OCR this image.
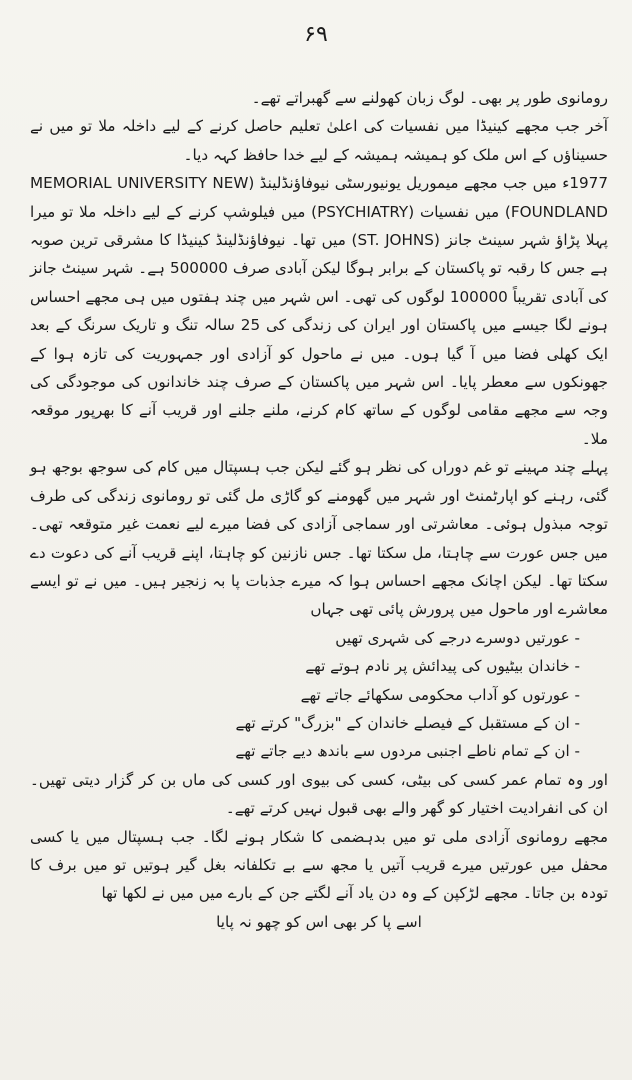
۶۹

رومانوی طور پر بھی۔ لوگ زبان کھولنے سے گھبراتے تھے۔

آخر جب مجھے کینیڈا میں نفسیات کی اعلیٰ تعلیم حاصل کرنے کے لیے داخلہ ملا تو میں نے حسیناؤں کے اس ملک کو ہمیشہ ہمیشہ کے لیے خدا حافظ کہہ دیا۔

1977ء میں جب مجھے میموریل یونیورسٹی نیوفاؤنڈلینڈ (MEMORIAL UNIVERSITY NEW FOUNDLAND) میں نفسیات (PSYCHIATRY) میں فیلوشپ کرنے کے لیے داخلہ ملا تو میرا پہلا پڑاؤ شہر سینٹ جانز (ST. JOHNS) میں تھا۔ نیوفاؤنڈلینڈ کینیڈا کا مشرقی ترین صوبہ ہے جس کا رقبہ تو پاکستان کے برابر ہوگا لیکن آبادی صرف 500000 ہے۔ شہر سینٹ جانز کی آبادی تقریباً 100000 لوگوں کی تھی۔ اس شہر میں چند ہفتوں میں ہی مجھے احساس ہونے لگا جیسے میں پاکستان اور ایران کی زندگی کی 25 سالہ تنگ و تاریک سرنگ کے بعد ایک کھلی فضا میں آ گیا ہوں۔ میں نے ماحول کو آزادی اور جمہوریت کی تازہ ہوا کے جھونکوں سے معطر پایا۔ اس شہر میں پاکستان کے صرف چند خاندانوں کی موجودگی کی وجہ سے مجھے مقامی لوگوں کے ساتھ کام کرنے، ملنے جلنے اور قریب آنے کا بھرپور موقعہ ملا۔

پہلے چند مہینے تو غم دوراں کی نظر ہو گئے لیکن جب ہسپتال میں کام کی سوجھ بوجھ ہو گئی، رہنے کو اپارٹمنٹ اور شہر میں گھومنے کو گاڑی مل گئی تو رومانوی زندگی کی طرف توجہ مبذول ہوئی۔ معاشرتی اور سماجی آزادی کی فضا میرے لیے نعمت غیر متوقعہ تھی۔ میں جس عورت سے چاہتا، مل سکتا تھا۔ جس نازنین کو چاہتا، اپنے قریب آنے کی دعوت دے سکتا تھا۔ لیکن اچانک مجھے احساس ہوا کہ میرے جذبات پا بہ زنجیر ہیں۔ میں نے تو ایسے معاشرے اور ماحول میں پرورش پائی تھی جہاں

- عورتیں دوسرے درجے کی شہری تھیں
- خاندان بیٹیوں کی پیدائش پر نادم ہوتے تھے
- عورتوں کو آداب محکومی سکھائے جاتے تھے
- ان کے مستقبل کے فیصلے خاندان کے "بزرگ" کرتے تھے
- ان کے تمام ناطے اجنبی مردوں سے باندھ دیے جاتے تھے

اور وہ تمام عمر کسی کی بیٹی، کسی کی بیوی اور کسی کی ماں بن کر گزار دیتی تھیں۔ ان کی انفرادیت اختیار کو گھر والے بھی قبول نہیں کرتے تھے۔

مجھے رومانوی آزادی ملی تو میں بدہضمی کا شکار ہونے لگا۔ جب ہسپتال میں یا کسی محفل میں عورتیں میرے قریب آتیں یا مجھ سے بے تکلفانہ بغل گیر ہوتیں تو میں برف کا تودہ بن جاتا۔ مجھے لڑکپن کے وہ دن یاد آنے لگتے جن کے بارے میں میں نے لکھا تھا

اسے پا کر بھی اس کو چھو نہ پایا
